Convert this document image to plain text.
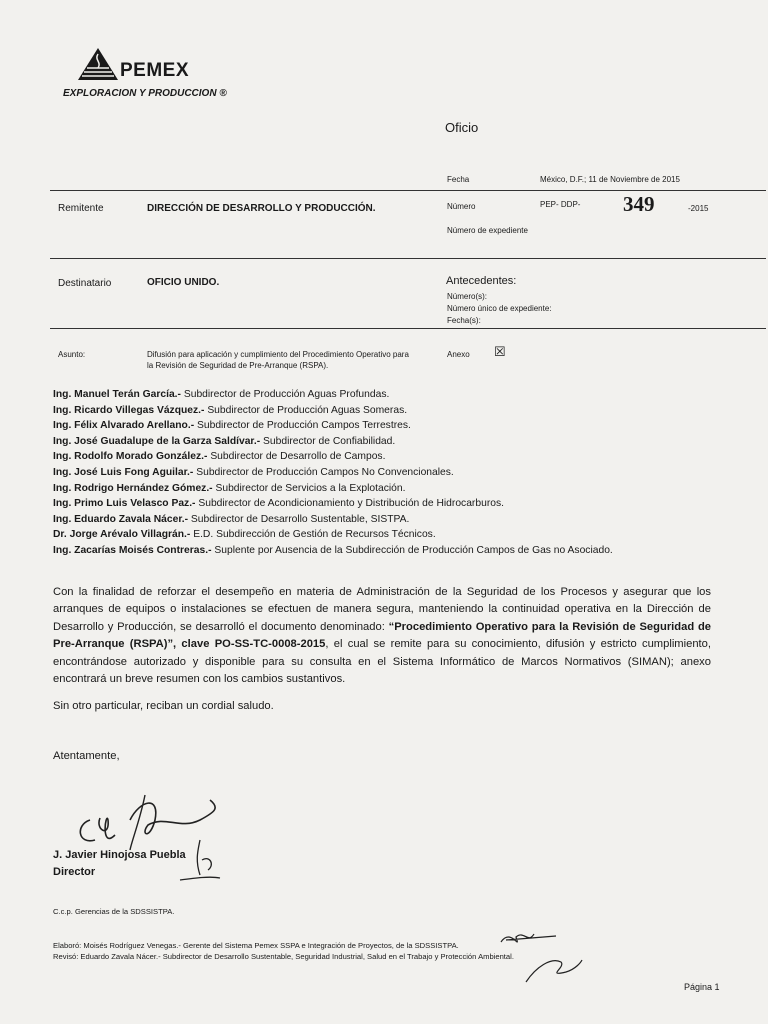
PEMEX
EXPLORACION Y PRODUCCION ®
Oficio
Fecha	México, D.F.; 11 de Noviembre de 2015
Remitente	DIRECCIÓN DE DESARROLLO Y PRODUCCIÓN.	Número	PEP- DDP- 349	-2015
Número de expediente
Destinatario	OFICIO UNIDO.	Antecedentes:
Número(s):
Número único de expediente:
Fecha(s):
Asunto:	Difusión para aplicación y cumplimiento del Procedimiento Operativo para
la Revisión de Seguridad de Pre-Arranque (RSPA).
Anexo ☒
Ing. Manuel Terán García.- Subdirector de Producción Aguas Profundas.
Ing. Ricardo Villegas Vázquez.- Subdirector de Producción Aguas Someras.
Ing. Félix Alvarado Arellano.- Subdirector de Producción Campos Terrestres.
Ing. José Guadalupe de la Garza Saldívar.- Subdirector de Confiabilidad.
Ing. Rodolfo Morado González.- Subdirector de Desarrollo de Campos.
Ing. José Luis Fong Aguilar.- Subdirector de Producción Campos No Convencionales.
Ing. Rodrigo Hernández Gómez.- Subdirector de Servicios a la Explotación.
Ing. Primo Luis Velasco Paz.- Subdirector de Acondicionamiento y Distribución de Hidrocarburos.
Ing. Eduardo Zavala Nácer.- Subdirector de Desarrollo Sustentable, SISTPA.
Dr. Jorge Arévalo Villagrán.- E.D. Subdirección de Gestión de Recursos Técnicos.
Ing. Zacarías Moisés Contreras.- Suplente por Ausencia de la Subdirección de Producción Campos de Gas no Asociado.
Con la finalidad de reforzar el desempeño en materia de Administración de la Seguridad de los Procesos y asegurar que los arranques de equipos o instalaciones se efectuen de manera segura, manteniendo la continuidad operativa en la Dirección de Desarrollo y Producción, se desarrolló el documento denominado: “Procedimiento Operativo para la Revisión de Seguridad de Pre-Arranque (RSPA)”, clave PO-SS-TC-0008-2015, el cual se remite para su conocimiento, difusión y estricto cumplimiento, encontrándose autorizado y disponible para su consulta en el Sistema Informático de Marcos Normativos (SIMAN); anexo encontrará un breve resumen con los cambios sustantivos.
Sin otro particular, reciban un cordial saludo.
Atentamente,
J. Javier Hinojosa Puebla
Director
C.c.p. Gerencias de la SDSSISTPA.
Elaboró: Moisés Rodríguez Venegas.- Gerente del Sistema Pemex SSPA e Integración de Proyectos, de la SDSSISTPA.
Revisó: Eduardo Zavala Nácer.- Subdirector de Desarrollo Sustentable, Seguridad Industrial, Salud en el Trabajo y Protección Ambiental.
Página 1
